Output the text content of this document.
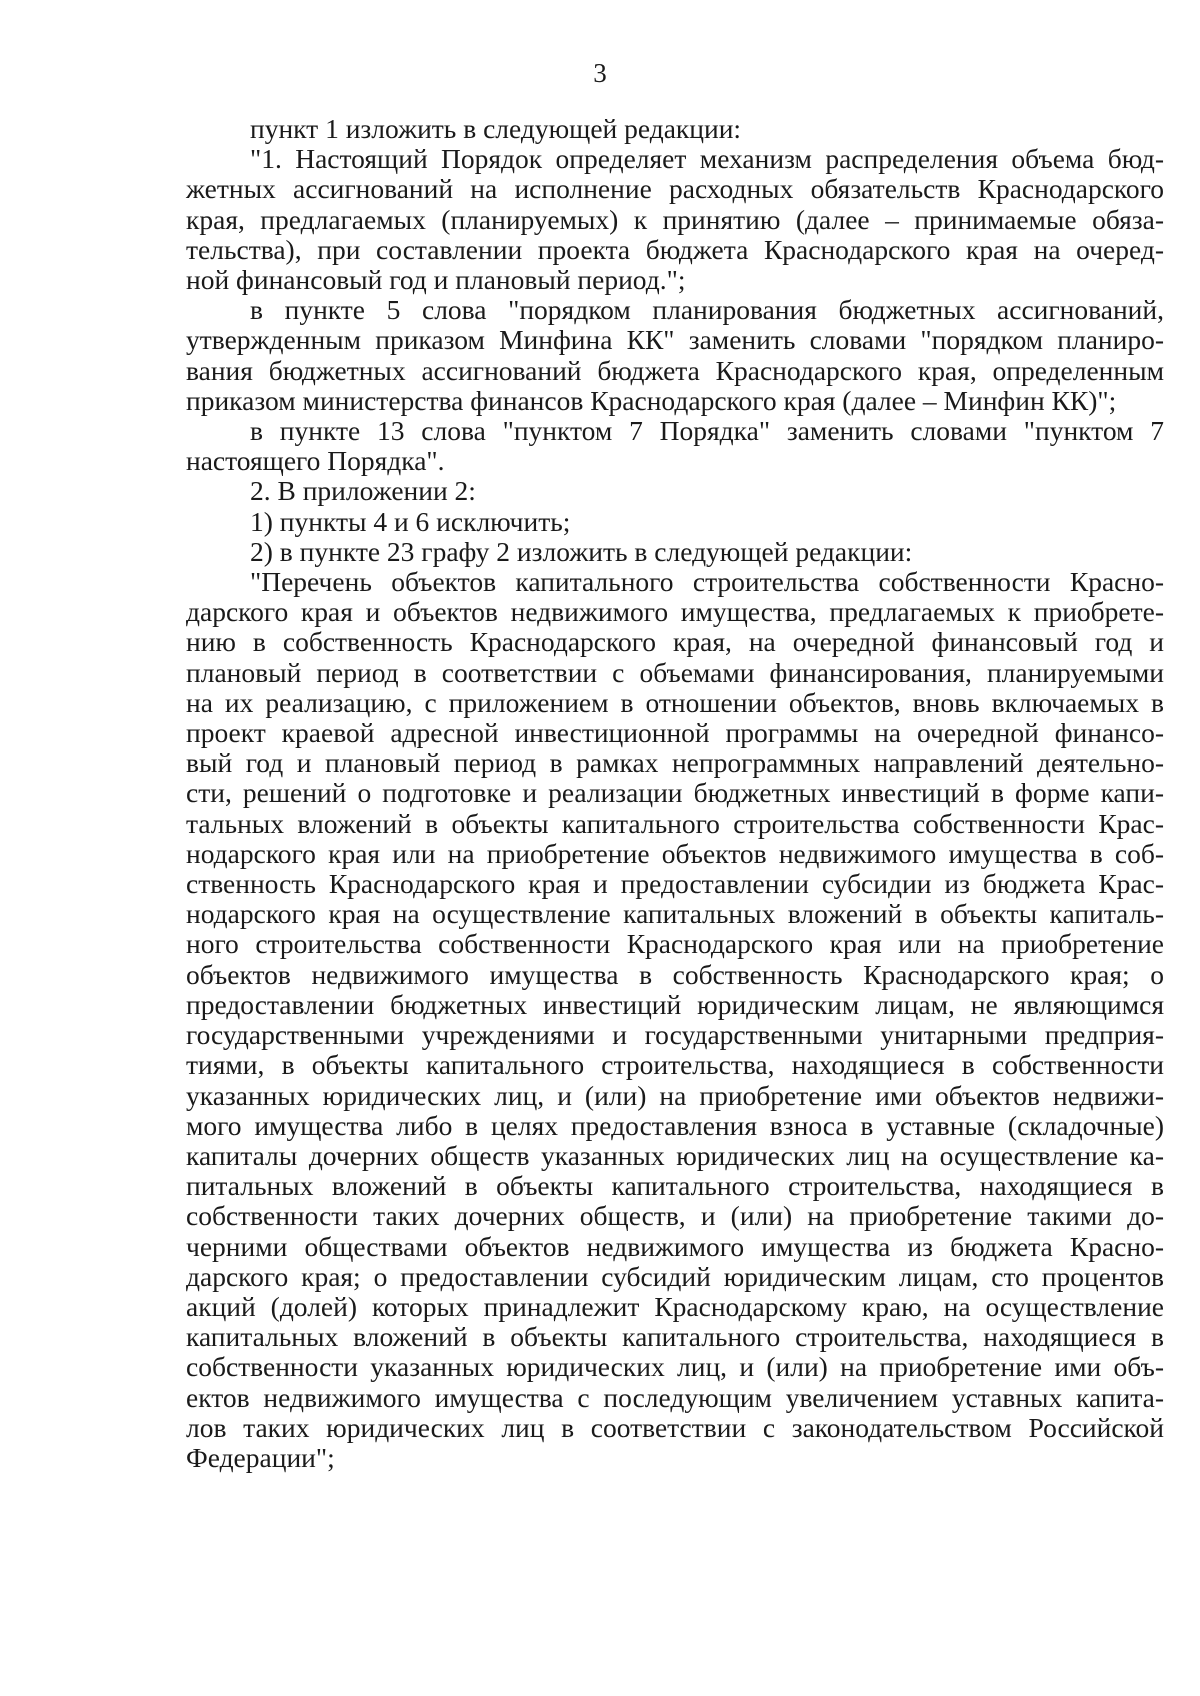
3

пункт 1 изложить в следующей редакции:

"1. Настоящий Порядок определяет механизм распределения объема бюд-
жетных ассигнований на исполнение расходных обязательств Краснодарского
края, предлагаемых (планируемых) к принятию (далее – принимаемые обяза-
тельства), при составлении проекта бюджета Краснодарского края на очеред-
ной финансовый год и плановый период.";

в пункте 5 слова "порядком планирования бюджетных ассигнований,
утвержденным приказом Минфина КК" заменить словами "порядком планиро-
вания бюджетных ассигнований бюджета Краснодарского края, определенным
приказом министерства финансов Краснодарского края (далее – Минфин КК)";

в пункте 13 слова "пунктом 7 Порядка" заменить словами "пунктом 7
настоящего Порядка".

2. В приложении 2:

1) пункты 4 и 6 исключить;

2) в пункте 23 графу 2 изложить в следующей редакции:

"Перечень объектов капитального строительства собственности Красно-
дарского края и объектов недвижимого имущества, предлагаемых к приобрете-
нию в собственность Краснодарского края, на очередной финансовый год и
плановый период в соответствии с объемами финансирования, планируемыми
на их реализацию, с приложением в отношении объектов, вновь включаемых в
проект краевой адресной инвестиционной программы на очередной финансо-
вый год и плановый период в рамках непрограммных направлений деятельно-
сти, решений о подготовке и реализации бюджетных инвестиций в форме капи-
тальных вложений в объекты капитального строительства собственности Крас-
нодарского края или на приобретение объектов недвижимого имущества в соб-
ственность Краснодарского края и предоставлении субсидии из бюджета Крас-
нодарского края на осуществление капитальных вложений в объекты капиталь-
ного строительства собственности Краснодарского края или на приобретение
объектов недвижимого имущества в собственность Краснодарского края; о
предоставлении бюджетных инвестиций юридическим лицам, не являющимся
государственными учреждениями и государственными унитарными предприя-
тиями, в объекты капитального строительства, находящиеся в собственности
указанных юридических лиц, и (или) на приобретение ими объектов недвижи-
мого имущества либо в целях предоставления взноса в уставные (складочные)
капиталы дочерних обществ указанных юридических лиц на осуществление ка-
питальных вложений в объекты капитального строительства, находящиеся в
собственности таких дочерних обществ, и (или) на приобретение такими до-
черними обществами объектов недвижимого имущества из бюджета Красно-
дарского края; о предоставлении субсидий юридическим лицам, сто процентов
акций (долей) которых принадлежит Краснодарскому краю, на осуществление
капитальных вложений в объекты капитального строительства, находящиеся в
собственности указанных юридических лиц, и (или) на приобретение ими объ-
ектов недвижимого имущества с последующим увеличением уставных капита-
лов таких юридических лиц в соответствии с законодательством Российской
Федерации";
